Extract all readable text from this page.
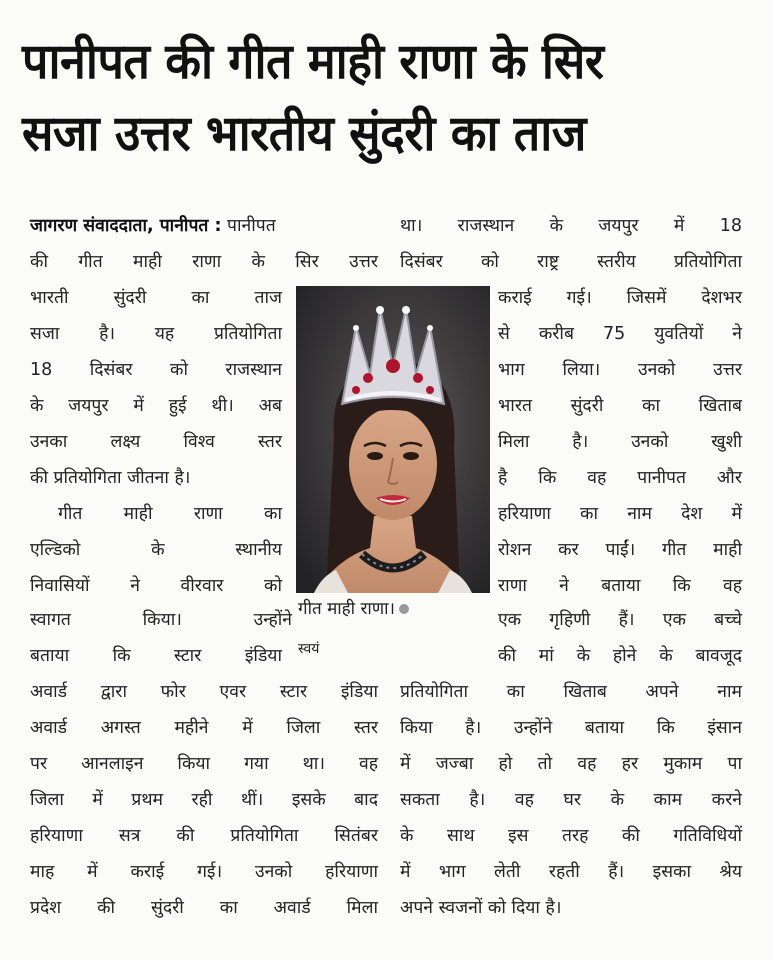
पानीपत की गीत माही राणा के सिर
सजा उत्तर भारतीय सुंदरी का ताज
जागरण संवाददाता, पानीपत : पानीपत
की गीत माही राणा के सिर उत्तर
भारती सुंदरी का ताज
सजा है। यह प्रतियोगिता
18 दिसंबर को राजस्थान
के जयपुर में हुई थी। अब
उनका लक्ष्य विश्व स्तर
की प्रतियोगिता जीतना है।
गीत माही राणा का
एल्डिको के स्थानीय
निवासियों ने वीरवार को
स्वागत किया। उन्होंने
बताया कि स्टार इंडिया
अवार्ड द्वारा फोर एवर स्टार इंडिया
अवार्ड अगस्त महीने में जिला स्तर
पर आनलाइन किया गया था। वह
जिला में प्रथम रही थीं। इसके बाद
हरियाणा सत्र की प्रतियोगिता सितंबर
माह में कराई गई। उनको हरियाणा
प्रदेश की सुंदरी का अवार्ड मिला
था। राजस्थान के जयपुर में 18
दिसंबर को राष्ट्र स्तरीय प्रतियोगिता
कराई गई। जिसमें देशभर
से करीब 75 युवतियों ने
भाग लिया। उनको उत्तर
भारत सुंदरी का खिताब
मिला है। उनको खुशी
है कि वह पानीपत और
हरियाणा का नाम देश में
रोशन कर पाईं। गीत माही
राणा ने बताया कि वह
एक गृहिणी हैं। एक बच्चे
की मां के होने के बावजूद
प्रतियोगिता का खिताब अपने नाम
किया है। उन्होंने बताया कि इंसान
में जज्बा हो तो वह हर मुकाम पा
सकता है। वह घर के काम करने
के साथ इस तरह की गतिविधियों
में भाग लेती रहती हैं। इसका श्रेय
अपने स्वजनों को दिया है।
गीत माही राणा।
स्वयं
